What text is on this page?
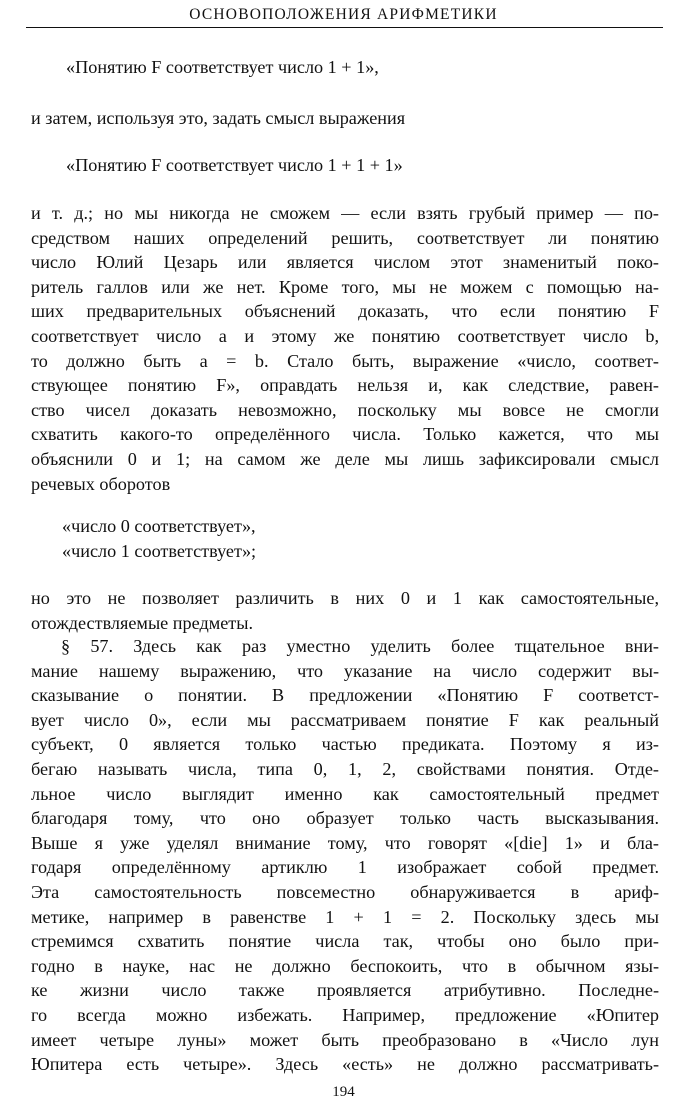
ОСНОВОПОЛОЖЕНИЯ АРИФМЕТИКИ
«Понятию F соответствует число 1 + 1»,
и затем, используя это, задать смысл выражения
«Понятию F соответствует число 1 + 1 + 1»
и т. д.; но мы никогда не сможем — если взять грубый пример — по-
средством наших определений решить, соответствует ли понятию
число Юлий Цезарь или является числом этот знаменитый поко-
ритель галлов или же нет. Кроме того, мы не можем с помощью на-
ших предварительных объяснений доказать, что если понятию F
соответствует число a и этому же понятию соответствует число b,
то должно быть a = b. Стало быть, выражение «число, соответ-
ствующее понятию F», оправдать нельзя и, как следствие, равен-
ство чисел доказать невозможно, поскольку мы вовсе не смогли
схватить какого-то определённого числа. Только кажется, что мы
объяснили 0 и 1; на самом же деле мы лишь зафиксировали смысл
речевых оборотов
«число 0 соответствует»,
«число 1 соответствует»;
но это не позволяет различить в них 0 и 1 как самостоятельные,
отождествляемые предметы.
§ 57. Здесь как раз уместно уделить более тщательное вни-
мание нашему выражению, что указание на число содержит вы-
сказывание о понятии. В предложении «Понятию F соответст-
вует число 0», если мы рассматриваем понятие F как реальный
субъект, 0 является только частью предиката. Поэтому я из-
бегаю называть числа, типа 0, 1, 2, свойствами понятия. Отде-
льное число выглядит именно как самостоятельный предмет
благодаря тому, что оно образует только часть высказывания.
Выше я уже уделял внимание тому, что говорят «[die] 1» и бла-
годаря определённому артиклю 1 изображает собой предмет.
Эта самостоятельность повсеместно обнаруживается в ариф-
метике, например в равенстве 1 + 1 = 2. Поскольку здесь мы
стремимся схватить понятие числа так, чтобы оно было при-
годно в науке, нас не должно беспокоить, что в обычном язы-
ке жизни число также проявляется атрибутивно. Последне-
го всегда можно избежать. Например, предложение «Юпитер
имеет четыре луны» может быть преобразовано в «Число лун
Юпитера есть четыре». Здесь «есть» не должно рассматривать-
194
